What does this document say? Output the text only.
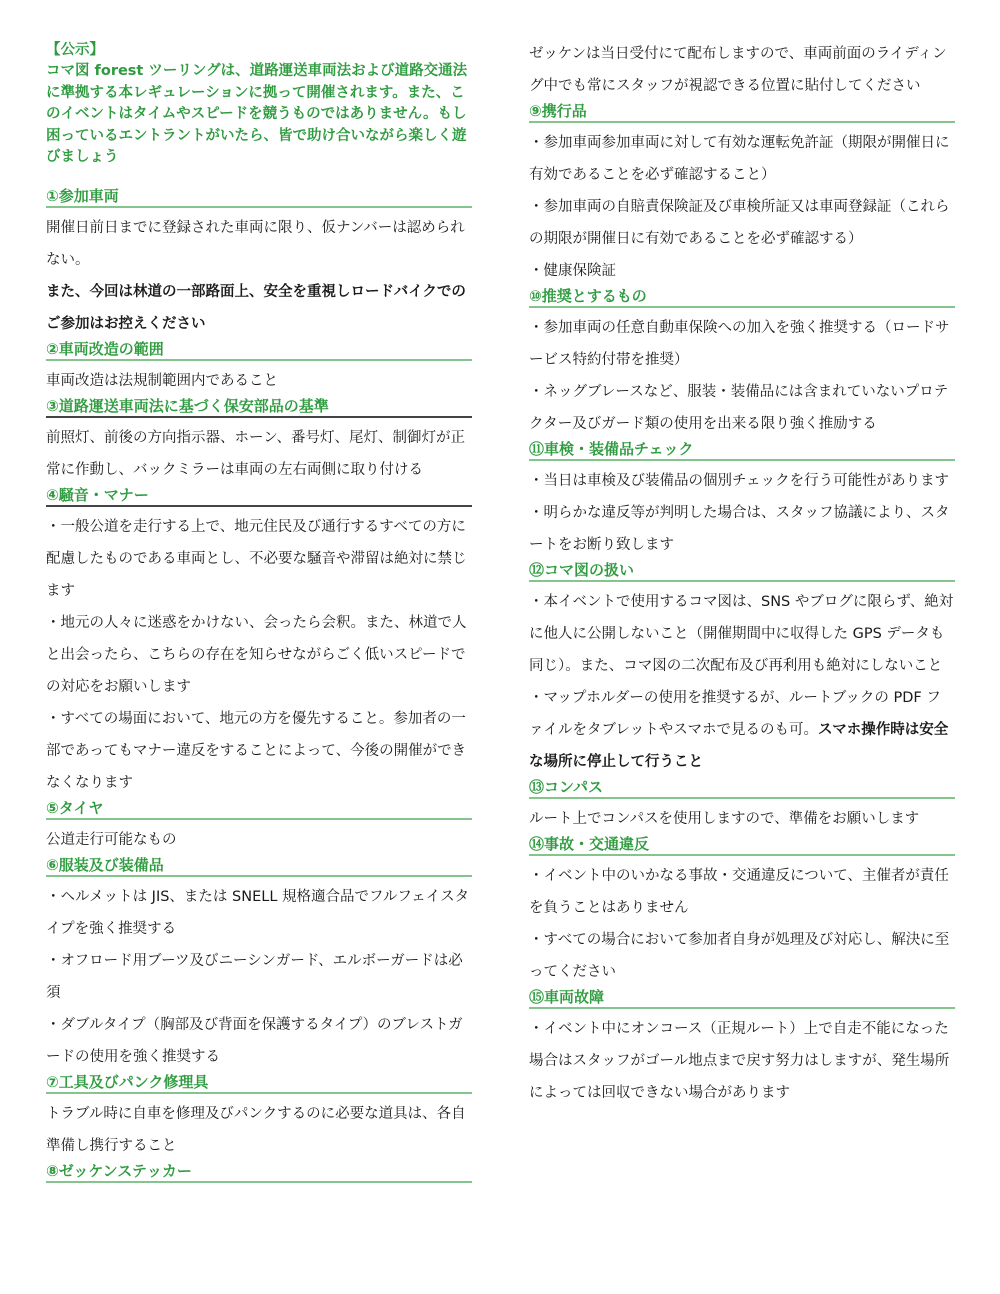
【公示】
コマ図 forest ツーリングは、道路運送車両法および道路交通法に準拠する本レギュレーションに拠って開催されます。また、このイベントはタイムやスピードを競うものではありません。もし困っているエントラントがいたら、皆で助け合いながら楽しく遊びましょう
①参加車両

開催日前日までに登録された車両に限り、仮ナンバーは認められない。

また、今回は林道の一部路面上、安全を重視しロードバイクでのご参加はお控えください

②車両改造の範囲

車両改造は法規制範囲内であること

③道路運送車両法に基づく保安部品の基準

前照灯、前後の方向指示器、ホーン、番号灯、尾灯、制御灯が正常に作動し、バックミラーは車両の左右両側に取り付ける

④騒音・マナー

・一般公道を走行する上で、地元住民及び通行するすべての方に配慮したものである車両とし、不必要な騒音や滞留は絶対に禁じます

・地元の人々に迷惑をかけない、会ったら会釈。また、林道で人と出会ったら、こちらの存在を知らせながらごく低いスピードでの対応をお願いします

・すべての場面において、地元の方を優先すること。参加者の一部であってもマナー違反をすることによって、今後の開催ができなくなります

⑤タイヤ

公道走行可能なもの

⑥服装及び装備品

・ヘルメットは JIS、または SNELL 規格適合品でフルフェイスタイプを強く推奨する

・オフロード用ブーツ及びニーシンガード、エルボーガードは必須

・ダブルタイプ（胸部及び背面を保護するタイプ）のブレストガードの使用を強く推奨する

⑦工具及びパンク修理具

トラブル時に自車を修理及びパンクするのに必要な道具は、各自準備し携行すること

⑧ゼッケンステッカー

ゼッケンは当日受付にて配布しますので、車両前面のライディング中でも常にスタッフが視認できる位置に貼付してください

⑨携行品

・参加車両参加車両に対して有効な運転免許証（期限が開催日に有効であることを必ず確認すること）

・参加車両の自賠責保険証及び車検所証又は車両登録証（これらの期限が開催日に有効であることを必ず確認する）

・健康保険証

⑩推奨とするもの

・参加車両の任意自動車保険への加入を強く推奨する（ロードサービス特約付帯を推奨）

・ネッグブレースなど、服装・装備品には含まれていないプロテクター及びガード類の使用を出来る限り強く推励する

⑪車検・装備品チェック

・当日は車検及び装備品の個別チェックを行う可能性があります

・明らかな違反等が判明した場合は、スタッフ協議により、スタートをお断り致します

⑫コマ図の扱い

・本イベントで使用するコマ図は、SNS やブログに限らず、絶対に他人に公開しないこと（開催期間中に収得した GPS データも同じ）。また、コマ図の二次配布及び再利用も絶対にしないこと

・マップホルダーの使用を推奨するが、ルートブックの PDF ファイルをタブレットやスマホで見るのも可。スマホ操作時は安全な場所に停止して行うこと

⑬コンパス

ルート上でコンパスを使用しますので、準備をお願いします

⑭事故・交通違反

・イベント中のいかなる事故・交通違反について、主催者が責任を負うことはありません

・すべての場合において参加者自身が処理及び対応し、解決に至ってください

⑮車両故障

・イベント中にオンコース（正規ルート）上で自走不能になった場合はスタッフがゴール地点まで戻す努力はしますが、発生場所によっては回収できない場合があります
